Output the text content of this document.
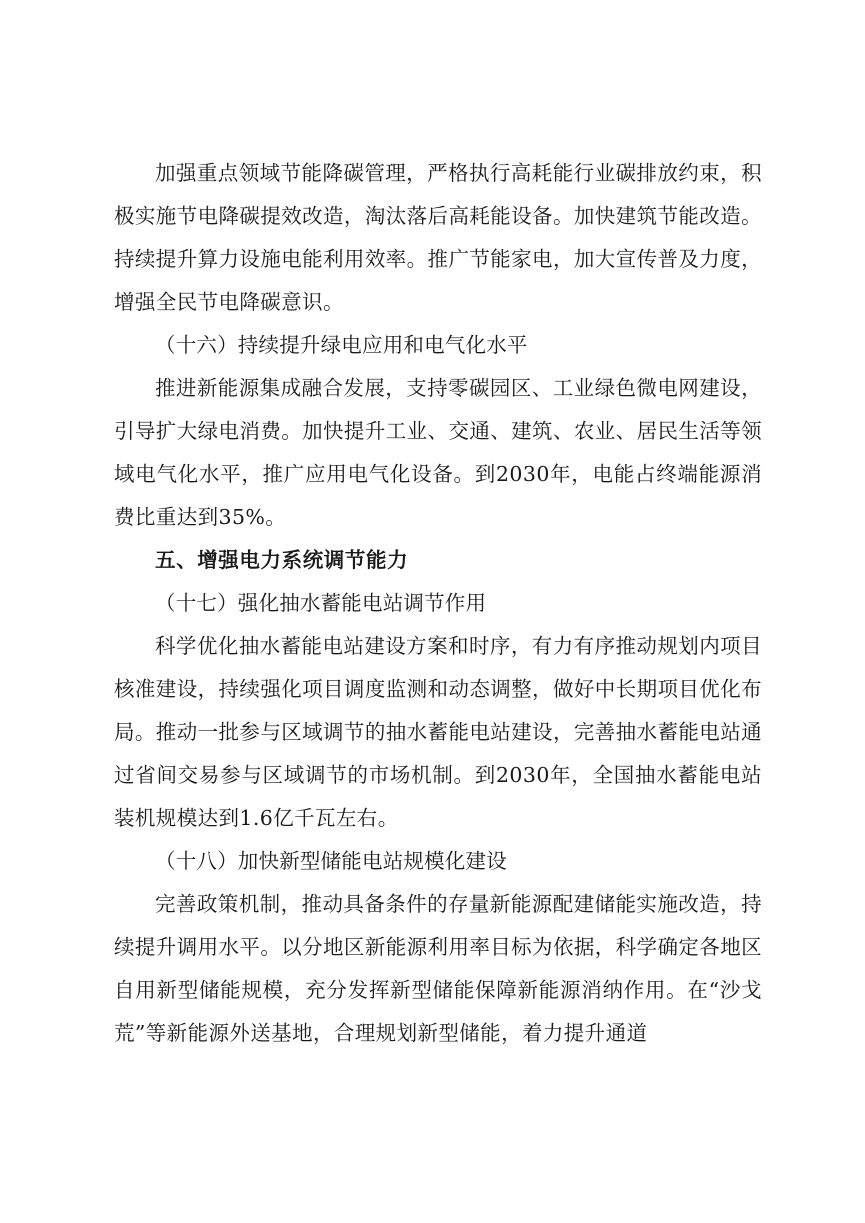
加强重点领域节能降碳管理，严格执行高耗能行业碳排放约束，积极实施节电降碳提效改造，淘汰落后高耗能设备。加快建筑节能改造。持续提升算力设施电能利用效率。推广节能家电，加大宣传普及力度，增强全民节电降碳意识。

（十六）持续提升绿电应用和电气化水平

推进新能源集成融合发展，支持零碳园区、工业绿色微电网建设，引导扩大绿电消费。加快提升工业、交通、建筑、农业、居民生活等领域电气化水平，推广应用电气化设备。到2030年，电能占终端能源消费比重达到35%。

五、增强电力系统调节能力

（十七）强化抽水蓄能电站调节作用

科学优化抽水蓄能电站建设方案和时序，有力有序推动规划内项目核准建设，持续强化项目调度监测和动态调整，做好中长期项目优化布局。推动一批参与区域调节的抽水蓄能电站建设，完善抽水蓄能电站通过省间交易参与区域调节的市场机制。到2030年，全国抽水蓄能电站装机规模达到1.6亿千瓦左右。

（十八）加快新型储能电站规模化建设

完善政策机制，推动具备条件的存量新能源配建储能实施改造，持续提升调用水平。以分地区新能源利用率目标为依据，科学确定各地区自用新型储能规模，充分发挥新型储能保障新能源消纳作用。在“沙戈荒”等新能源外送基地，合理规划新型储能，着力提升通道
